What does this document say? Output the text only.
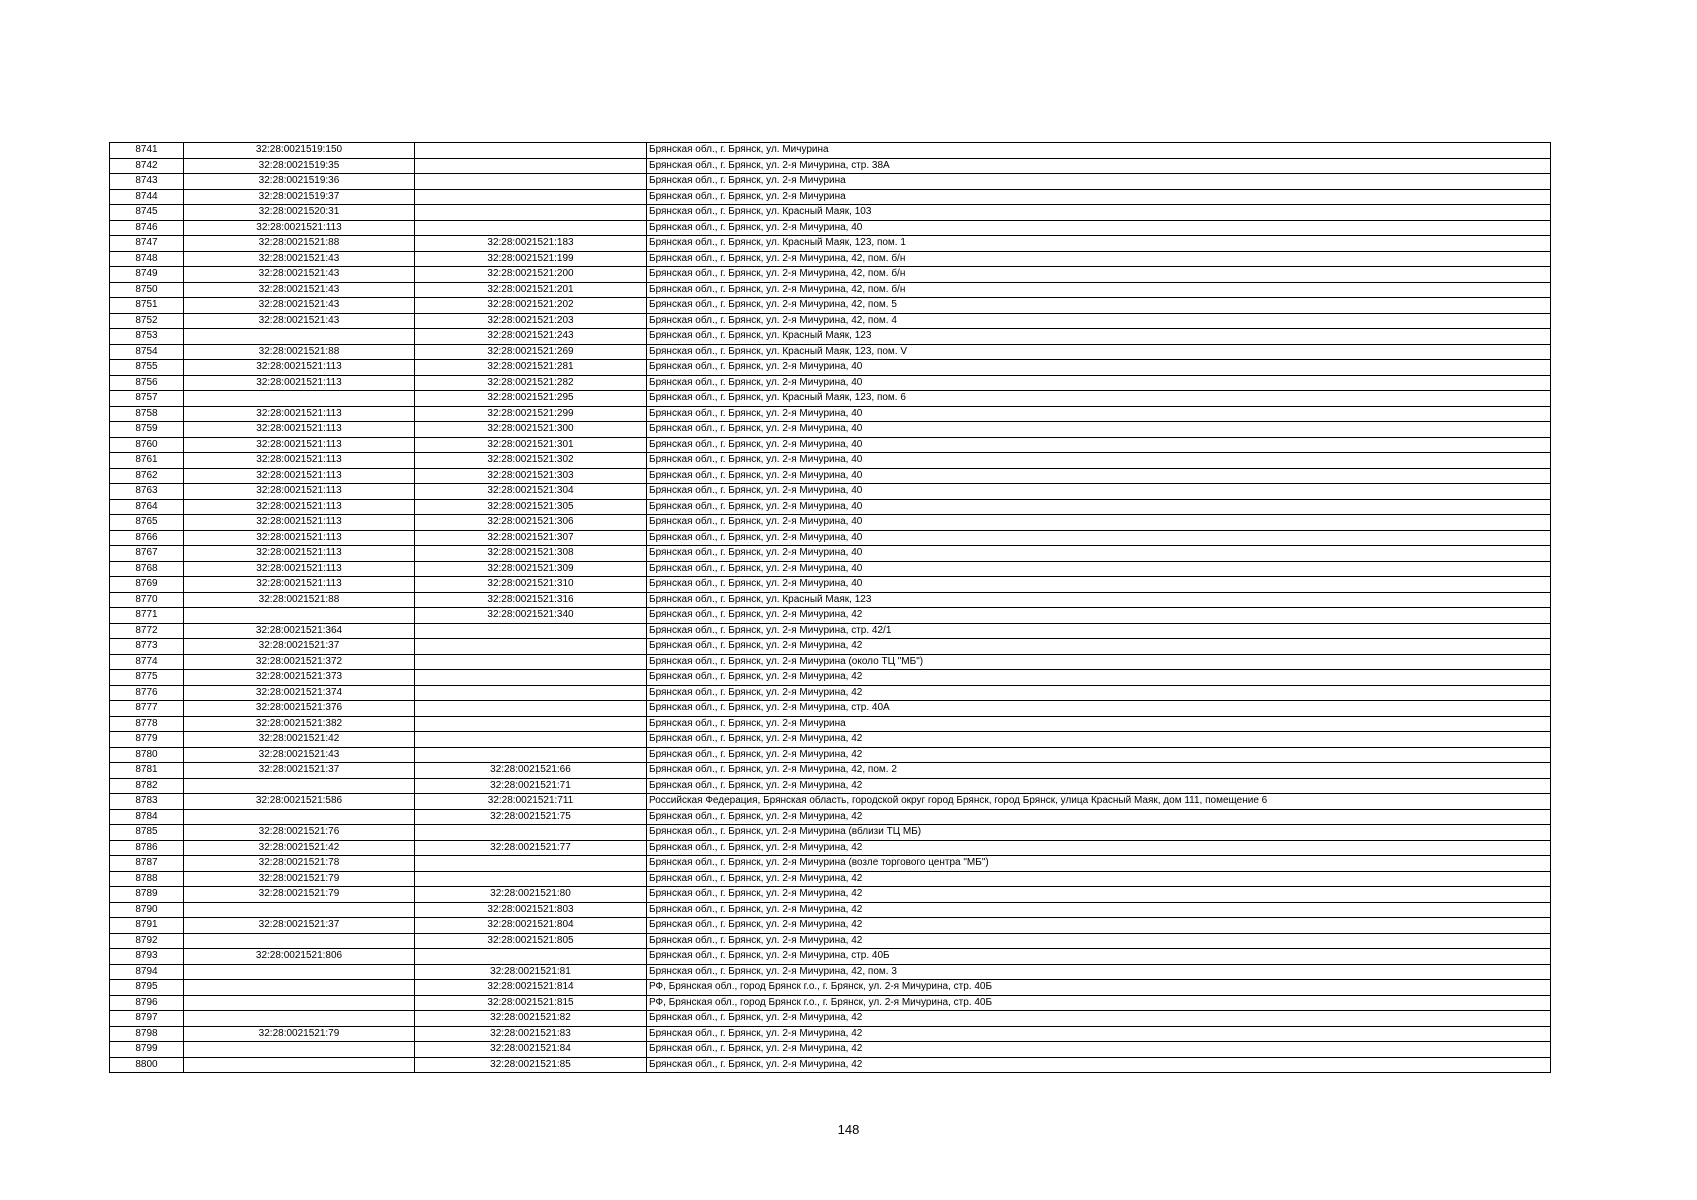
8741	32:28:0021519:150		Брянская обл., г. Брянск, ул. Мичурина
8742	32:28:0021519:35		Брянская обл., г. Брянск, ул. 2-я Мичурина, стр. 38А
8743	32:28:0021519:36		Брянская обл., г. Брянск, ул. 2-я Мичурина
8744	32:28:0021519:37		Брянская обл., г. Брянск, ул. 2-я Мичурина
8745	32:28:0021520:31		Брянская обл., г. Брянск, ул. Красный Маяк, 103
8746	32:28:0021521:113		Брянская обл., г. Брянск, ул. 2-я Мичурина, 40
8747	32:28:0021521:88	32:28:0021521:183	Брянская обл., г. Брянск, ул. Красный Маяк, 123, пом. 1
8748	32:28:0021521:43	32:28:0021521:199	Брянская обл., г. Брянск, ул. 2-я Мичурина, 42, пом. б/н
8749	32:28:0021521:43	32:28:0021521:200	Брянская обл., г. Брянск, ул. 2-я Мичурина, 42, пом. б/н
8750	32:28:0021521:43	32:28:0021521:201	Брянская обл., г. Брянск, ул. 2-я Мичурина, 42, пом. б/н
8751	32:28:0021521:43	32:28:0021521:202	Брянская обл., г. Брянск, ул. 2-я Мичурина, 42, пом. 5
8752	32:28:0021521:43	32:28:0021521:203	Брянская обл., г. Брянск, ул. 2-я Мичурина, 42, пом. 4
8753		32:28:0021521:243	Брянская обл., г. Брянск, ул. Красный Маяк, 123
8754	32:28:0021521:88	32:28:0021521:269	Брянская обл., г. Брянск, ул. Красный Маяк, 123, пом. V
8755	32:28:0021521:113	32:28:0021521:281	Брянская обл., г. Брянск, ул. 2-я Мичурина, 40
8756	32:28:0021521:113	32:28:0021521:282	Брянская обл., г. Брянск, ул. 2-я Мичурина, 40
8757		32:28:0021521:295	Брянская обл., г. Брянск, ул. Красный Маяк, 123, пом. 6
8758	32:28:0021521:113	32:28:0021521:299	Брянская обл., г. Брянск, ул. 2-я Мичурина, 40
8759	32:28:0021521:113	32:28:0021521:300	Брянская обл., г. Брянск, ул. 2-я Мичурина, 40
8760	32:28:0021521:113	32:28:0021521:301	Брянская обл., г. Брянск, ул. 2-я Мичурина, 40
8761	32:28:0021521:113	32:28:0021521:302	Брянская обл., г. Брянск, ул. 2-я Мичурина, 40
8762	32:28:0021521:113	32:28:0021521:303	Брянская обл., г. Брянск, ул. 2-я Мичурина, 40
8763	32:28:0021521:113	32:28:0021521:304	Брянская обл., г. Брянск, ул. 2-я Мичурина, 40
8764	32:28:0021521:113	32:28:0021521:305	Брянская обл., г. Брянск, ул. 2-я Мичурина, 40
8765	32:28:0021521:113	32:28:0021521:306	Брянская обл., г. Брянск, ул. 2-я Мичурина, 40
8766	32:28:0021521:113	32:28:0021521:307	Брянская обл., г. Брянск, ул. 2-я Мичурина, 40
8767	32:28:0021521:113	32:28:0021521:308	Брянская обл., г. Брянск, ул. 2-я Мичурина, 40
8768	32:28:0021521:113	32:28:0021521:309	Брянская обл., г. Брянск, ул. 2-я Мичурина, 40
8769	32:28:0021521:113	32:28:0021521:310	Брянская обл., г. Брянск, ул. 2-я Мичурина, 40
8770	32:28:0021521:88	32:28:0021521:316	Брянская обл., г. Брянск, ул. Красный Маяк, 123
8771		32:28:0021521:340	Брянская обл., г. Брянск, ул. 2-я Мичурина, 42
8772	32:28:0021521:364		Брянская обл., г. Брянск, ул. 2-я Мичурина, стр. 42/1
8773	32:28:0021521:37		Брянская обл., г. Брянск, ул. 2-я Мичурина, 42
8774	32:28:0021521:372		Брянская обл., г. Брянск, ул. 2-я Мичурина (около ТЦ "МБ")
8775	32:28:0021521:373		Брянская обл., г. Брянск, ул. 2-я Мичурина, 42
8776	32:28:0021521:374		Брянская обл., г. Брянск, ул. 2-я Мичурина, 42
8777	32:28:0021521:376		Брянская обл., г. Брянск, ул. 2-я Мичурина, стр. 40А
8778	32:28:0021521:382		Брянская обл., г. Брянск, ул. 2-я Мичурина
8779	32:28:0021521:42		Брянская обл., г. Брянск, ул. 2-я Мичурина, 42
8780	32:28:0021521:43		Брянская обл., г. Брянск, ул. 2-я Мичурина, 42
8781	32:28:0021521:37	32:28:0021521:66	Брянская обл., г. Брянск, ул. 2-я Мичурина, 42, пом. 2
8782		32:28:0021521:71	Брянская обл., г. Брянск, ул. 2-я Мичурина, 42
8783	32:28:0021521:586	32:28:0021521:711	Российская Федерация, Брянская область, городской округ город Брянск, город Брянск, улица Красный Маяк, дом 111, помещение 6
8784		32:28:0021521:75	Брянская обл., г. Брянск, ул. 2-я Мичурина, 42
8785	32:28:0021521:76		Брянская обл., г. Брянск, ул. 2-я Мичурина (вблизи ТЦ МБ)
8786	32:28:0021521:42	32:28:0021521:77	Брянская обл., г. Брянск, ул. 2-я Мичурина, 42
8787	32:28:0021521:78		Брянская обл., г. Брянск, ул. 2-я Мичурина (возле торгового центра "МБ")
8788	32:28:0021521:79		Брянская обл., г. Брянск, ул. 2-я Мичурина, 42
8789	32:28:0021521:79	32:28:0021521:80	Брянская обл., г. Брянск, ул. 2-я Мичурина, 42
8790		32:28:0021521:803	Брянская обл., г. Брянск, ул. 2-я Мичурина, 42
8791	32:28:0021521:37	32:28:0021521:804	Брянская обл., г. Брянск, ул. 2-я Мичурина, 42
8792		32:28:0021521:805	Брянская обл., г. Брянск, ул. 2-я Мичурина, 42
8793	32:28:0021521:806		Брянская обл., г. Брянск, ул. 2-я Мичурина, стр. 40Б
8794		32:28:0021521:81	Брянская обл., г. Брянск, ул. 2-я Мичурина, 42, пом. 3
8795		32:28:0021521:814	РФ, Брянская обл., город Брянск г.о., г. Брянск, ул. 2-я Мичурина, стр. 40Б
8796		32:28:0021521:815	РФ, Брянская обл., город Брянск г.о., г. Брянск, ул. 2-я Мичурина, стр. 40Б
8797		32:28:0021521:82	Брянская обл., г. Брянск, ул. 2-я Мичурина, 42
8798	32:28:0021521:79	32:28:0021521:83	Брянская обл., г. Брянск, ул. 2-я Мичурина, 42
8799		32:28:0021521:84	Брянская обл., г. Брянск, ул. 2-я Мичурина, 42
8800		32:28:0021521:85	Брянская обл., г. Брянск, ул. 2-я Мичурина, 42
148
